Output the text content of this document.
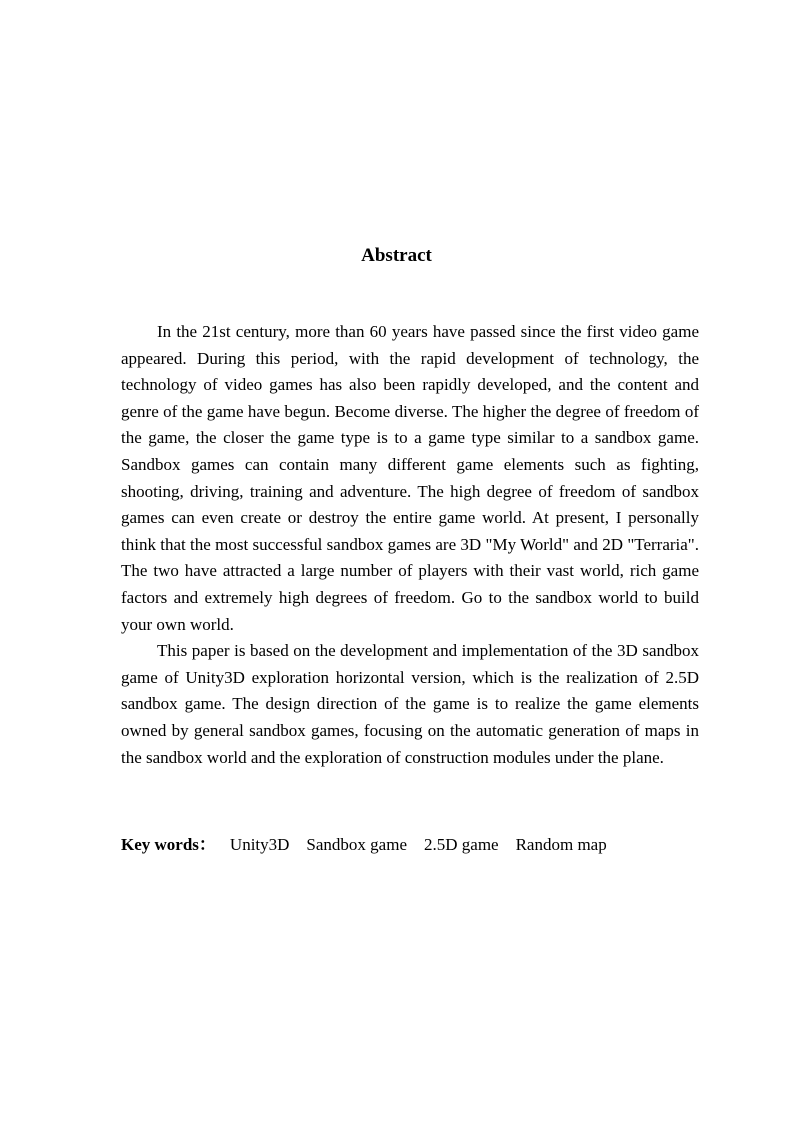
Abstract

In the 21st century, more than 60 years have passed since the first video game appeared. During this period, with the rapid development of technology, the technology of video games has also been rapidly developed, and the content and genre of the game have begun. Become diverse. The higher the degree of freedom of the game, the closer the game type is to a game type similar to a sandbox game. Sandbox games can contain many different game elements such as fighting, shooting, driving, training and adventure. The high degree of freedom of sandbox games can even create or destroy the entire game world. At present, I personally think that the most successful sandbox games are 3D "My World" and 2D "Terraria". The two have attracted a large number of players with their vast world, rich game factors and extremely high degrees of freedom. Go to the sandbox world to build your own world.

This paper is based on the development and implementation of the 3D sandbox game of Unity3D exploration horizontal version, which is the realization of 2.5D sandbox game. The design direction of the game is to realize the game elements owned by general sandbox games, focusing on the automatic generation of maps in the sandbox world and the exploration of construction modules under the plane.

Key words： Unity3D Sandbox game 2.5D game Random map
